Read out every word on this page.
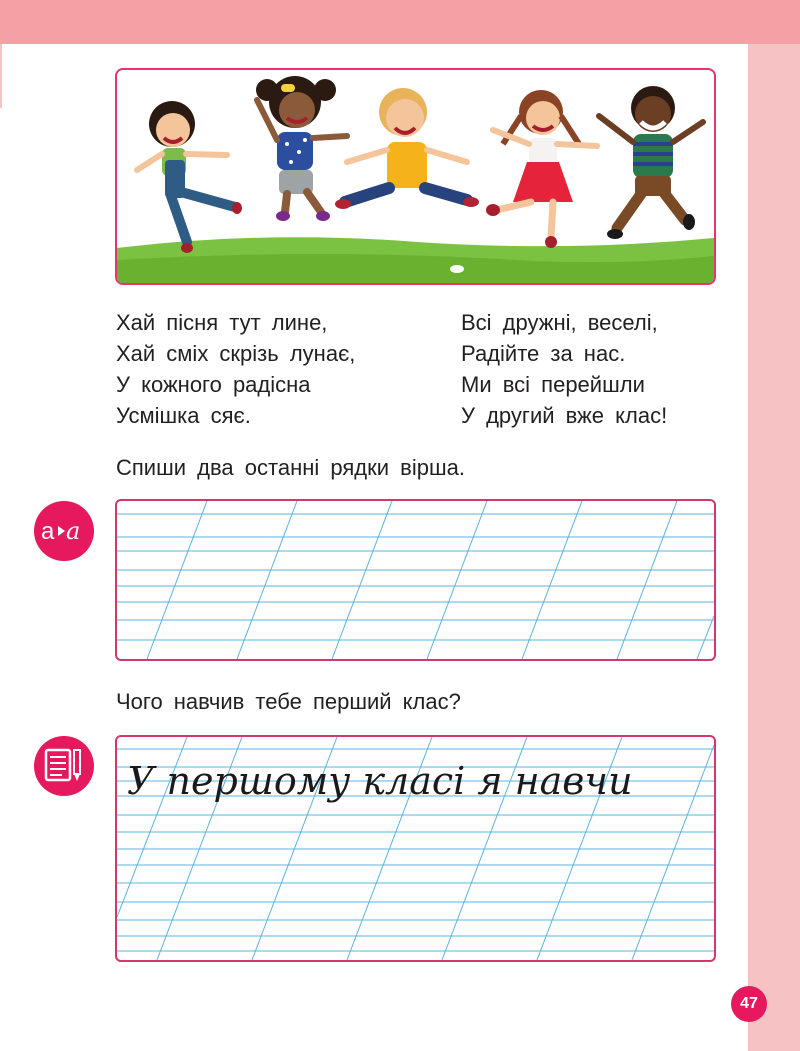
Хай пісня тут лине,
Хай сміх скрізь лунає,
У кожного радісна
Усмішка сяє.
Всі дружні, веселі,
Радійте за нас.
Ми всі перейшли
У другий вже клас!
Спиши два останні рядки вірша.
a a
Чого навчив тебе перший клас?
У першому класі я навчи
47
